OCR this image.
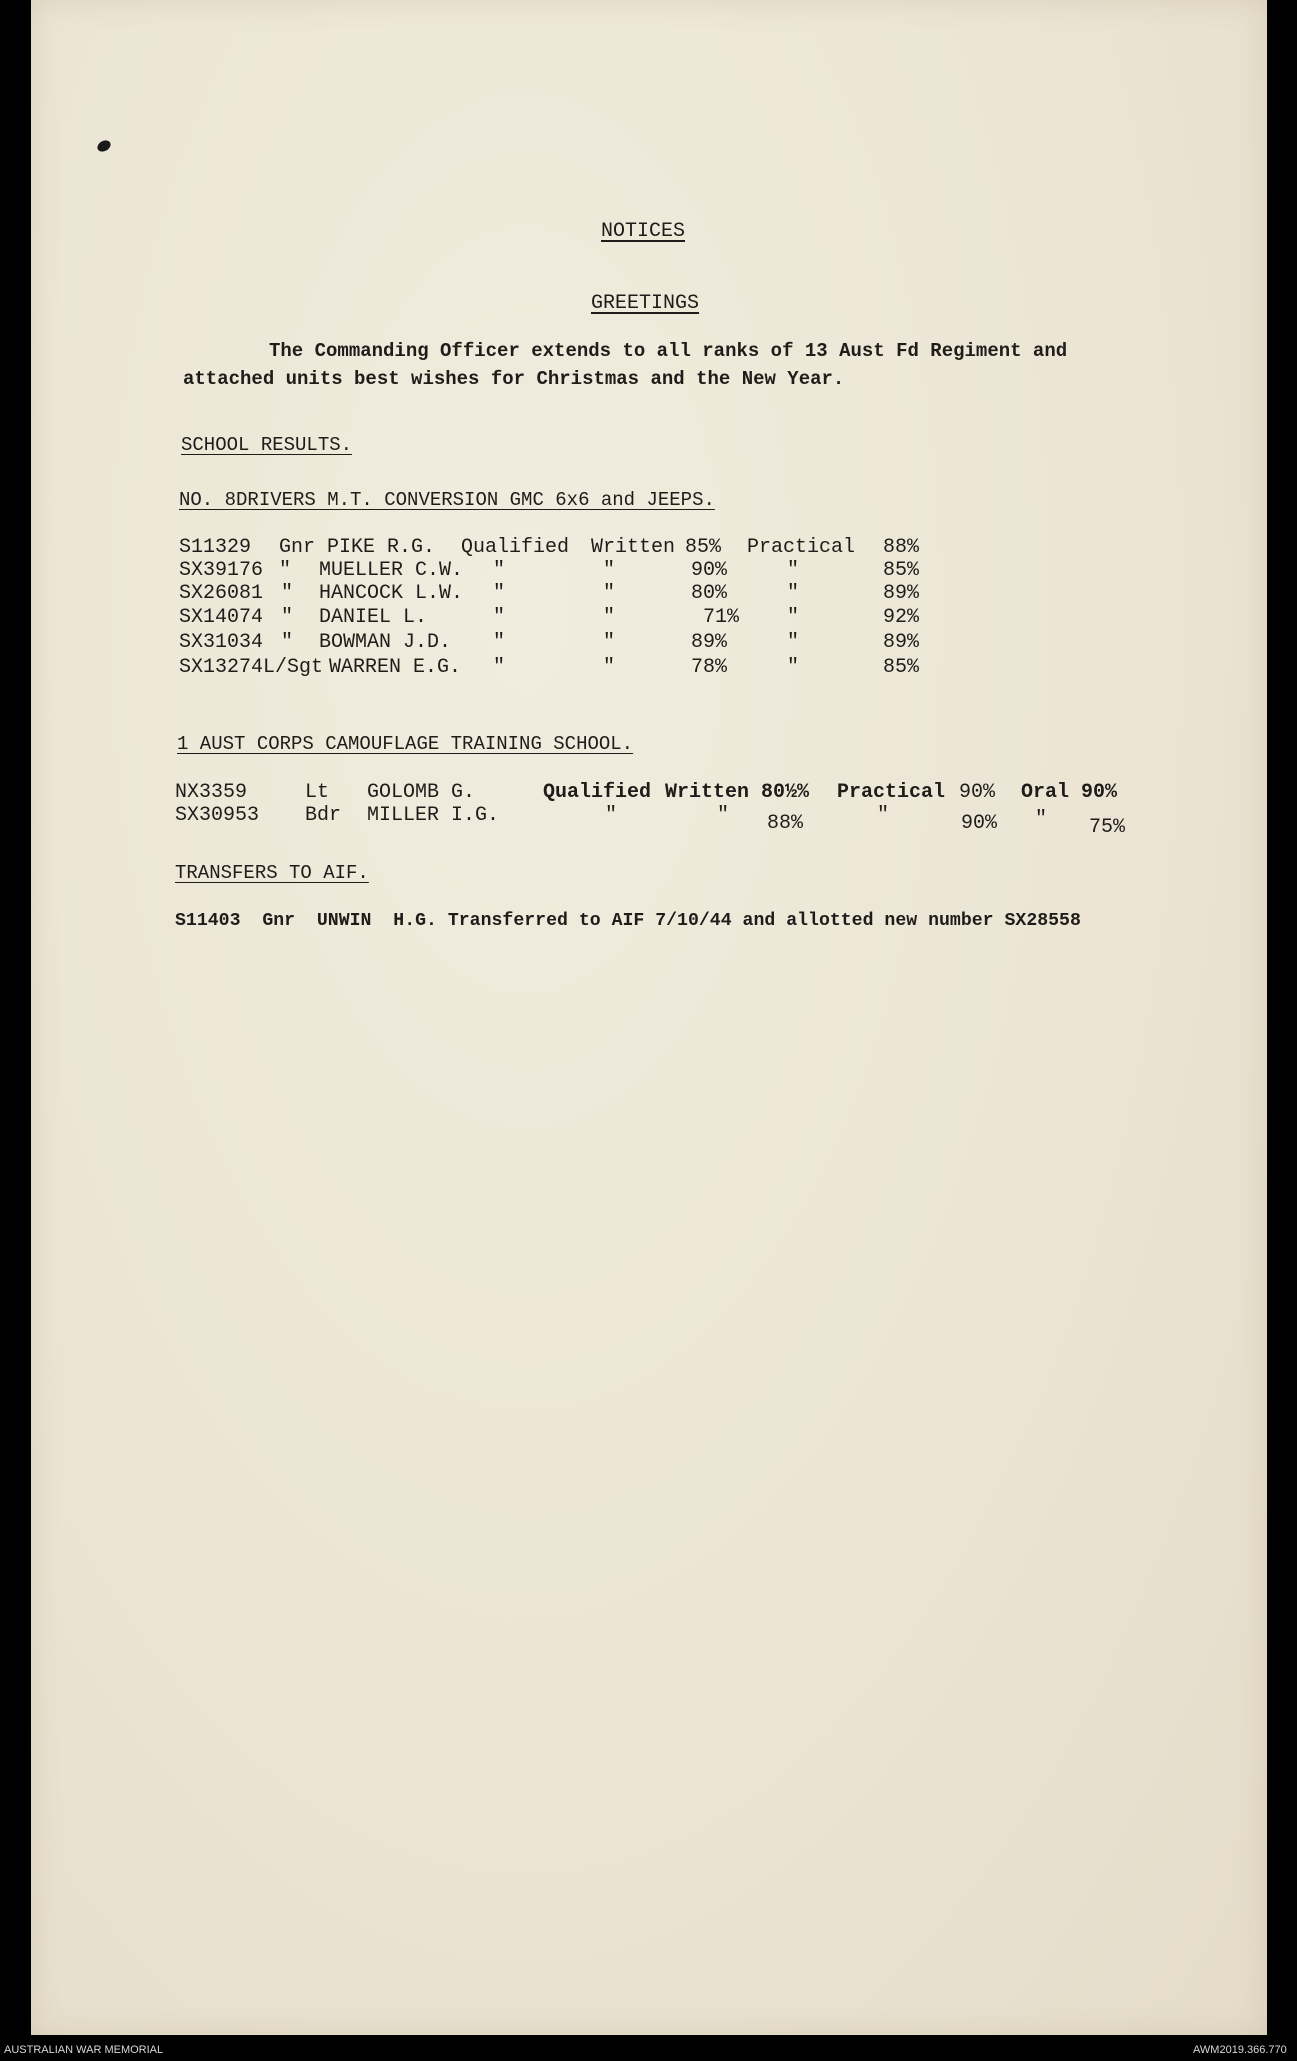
NOTICES
GREETINGS
The Commanding Officer extends to all ranks of 13 Aust Fd Regiment and
attached units best wishes for Christmas and the New Year.
SCHOOL RESULTS.
NO. 8DRIVERS M.T. CONVERSION GMC 6x6 and JEEPS.
S11329 Gnr PIKE R.G. Qualified Written 85% Practical 88%
SX39176 " MUELLER C.W. "	"	90%	"	85%
SX26081 " HANCOCK L.W. "	"	80%	"	89%
SX14074 " DANIEL L.	"	"	71% "	92%
SX31034 " BOWMAN J.D. "	"	89%	"	89%
SX13274 L/Sgt WARREN E.G. "	"	78%	"	85%
1 AUST CORPS CAMOUFLAGE TRAINING SCHOOL.
NX3359	Lt GOLOMB G.	Qualified Written 80½% Practical 90% Oral 90%
SX30953 Bdr MILLER I.G.	"	" 88%	"	90% " 75%
TRANSFERS TO AIF.
S11403  Gnr  UNWIN  H.G. Transferred to AIF 7/10/44 and allotted new number SX28558
AUSTRALIAN WAR MEMORIAL	AWM2019.366.770
